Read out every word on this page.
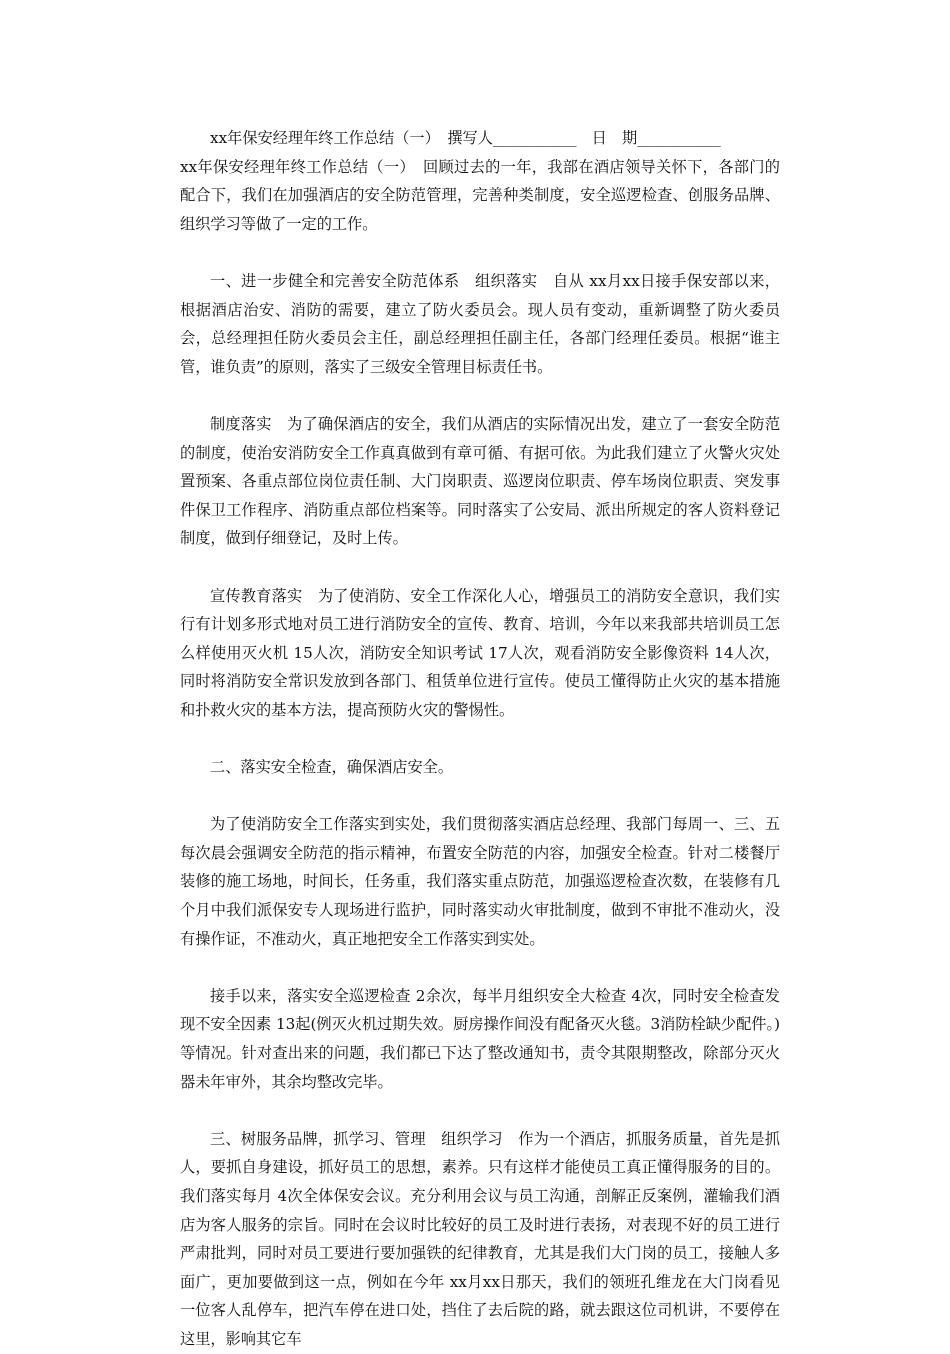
xx年保安经理年终工作总结（一）　 撰写人___________　 日　期___________

xx年保安经理年终工作总结（一）　回顾过去的一年，我部在酒店领导关怀下，各部门的配合下，我们在加强酒店的安全防范管理，完善种类制度，安全巡逻检查、创服务品牌、组织学习等做了一定的工作。

一、进一步健全和完善安全防范体系　组织落实　自从 xx月xx日接手保安部以来，根据酒店治安、消防的需要，建立了防火委员会。现人员有变动，重新调整了防火委员会，总经理担任防火委员会主任，副总经理担任副主任，各部门经理任委员。根据“谁主管，谁负责”的原则，落实了三级安全管理目标责任书。

制度落实　为了确保酒店的安全，我们从酒店的实际情况出发，建立了一套安全防范的制度，使治安消防安全工作真真做到有章可循、有据可依。为此我们建立了火警火灾处置预案、各重点部位岗位责任制、大门岗职责、巡逻岗位职责、停车场岗位职责、突发事件保卫工作程序、消防重点部位档案等。同时落实了公安局、派出所规定的客人资料登记制度，做到仔细登记，及时上传。

宣传教育落实　为了使消防、安全工作深化人心，增强员工的消防安全意识，我们实行有计划多形式地对员工进行消防安全的宣传、教育、培训，今年以来我部共培训员工怎么样使用灭火机 15人次，消防安全知识考试 17人次，观看消防安全影像资料 14人次，同时将消防安全常识发放到各部门、租赁单位进行宣传。使员工懂得防止火灾的基本措施和扑救火灾的基本方法，提高预防火灾的警惕性。

二、落实安全检查，确保酒店安全。

为了使消防安全工作落实到实处，我们贯彻落实酒店总经理、我部门每周一、三、五每次晨会强调安全防范的指示精神，布置安全防范的内容，加强安全检查。针对二楼餐厅装修的施工场地，时间长，任务重，我们落实重点防范，加强巡逻检查次数，在装修有几个月中我们派保安专人现场进行监护，同时落实动火审批制度，做到不审批不准动火，没有操作证，不准动火，真正地把安全工作落实到实处。

接手以来，落实安全巡逻检查 2余次，每半月组织安全大检查 4次，同时安全检查发现不安全因素 13起(例灭火机过期失效。厨房操作间没有配备灭火毯。3消防栓缺少配件。)等情况。针对查出来的问题，我们都已下达了整改通知书，责令其限期整改，除部分灭火器未年审外，其余均整改完毕。

三、树服务品牌，抓学习、管理　组织学习　作为一个酒店，抓服务质量，首先是抓人，要抓自身建设，抓好员工的思想，素养。只有这样才能使员工真正懂得服务的目的。我们落实每月 4次全体保安会议。充分利用会议与员工沟通，剖解正反案例，灌输我们酒店为客人服务的宗旨。同时在会议时比较好的员工及时进行表扬，对表现不好的员工进行严肃批判，同时对员工要进行要加强铁的纪律教育，尤其是我们大门岗的员工，接触人多面广，更加要做到这一点，例如在今年 xx月xx日那天，我们的领班孔维龙在大门岗看见一位客人乱停车，把汽车停在进口处，挡住了去后院的路，就去跟这位司机讲，不要停在这里，影响其它车
